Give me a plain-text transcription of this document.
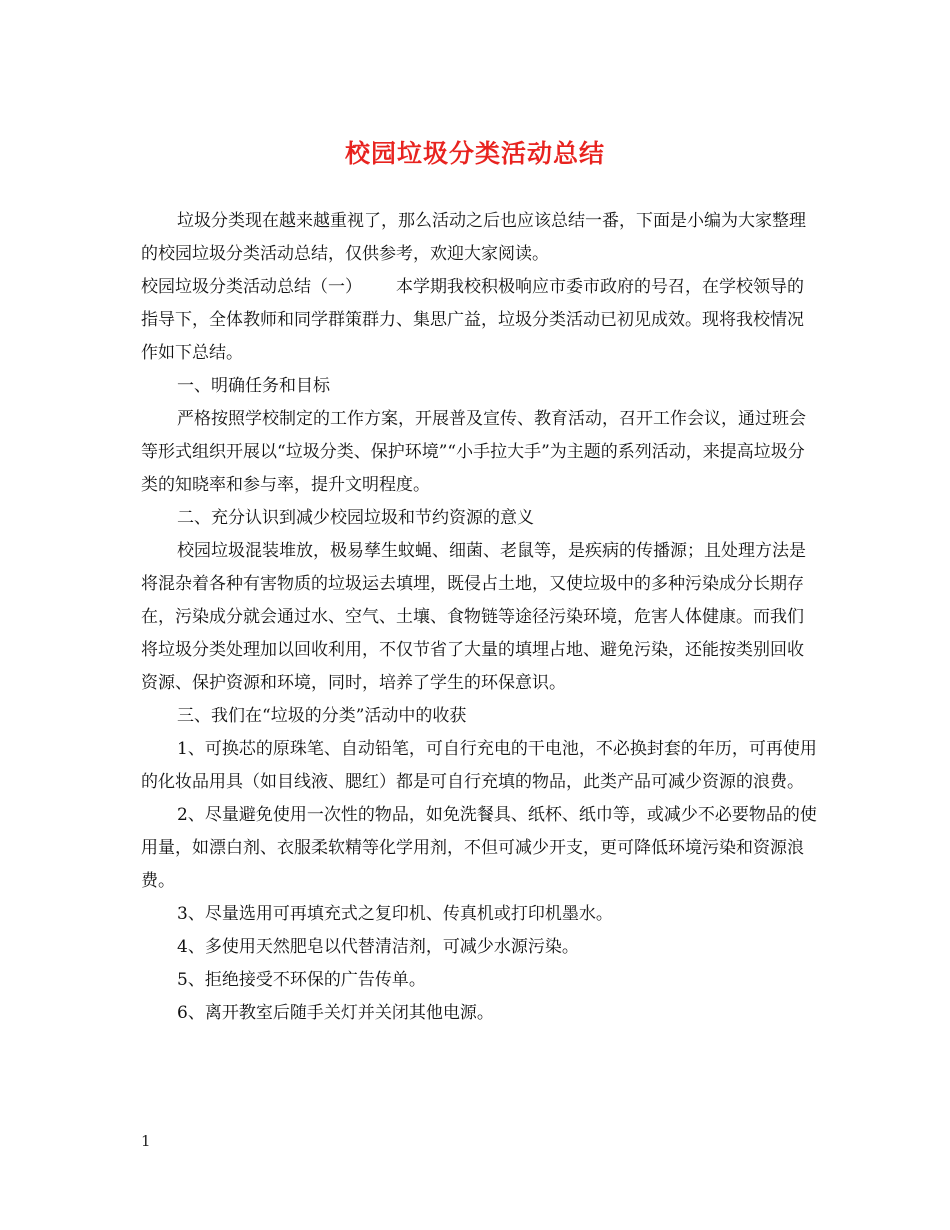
校园垃圾分类活动总结

垃圾分类现在越来越重视了，那么活动之后也应该总结一番，下面是小编为大家整理的校园垃圾分类活动总结，仅供参考，欢迎大家阅读。

校园垃圾分类活动总结（一） 本学期我校积极响应市委市政府的号召，在学校领导的指导下，全体教师和同学群策群力、集思广益，垃圾分类活动已初见成效。现将我校情况作如下总结。

一、明确任务和目标

严格按照学校制定的工作方案，开展普及宣传、教育活动，召开工作会议，通过班会等形式组织开展以“垃圾分类、保护环境”“小手拉大手”为主题的系列活动，来提高垃圾分类的知晓率和参与率，提升文明程度。

二、充分认识到减少校园垃圾和节约资源的意义

校园垃圾混装堆放，极易孳生蚊蝇、细菌、老鼠等，是疾病的传播源；且处理方法是将混杂着各种有害物质的垃圾运去填埋，既侵占土地，又使垃圾中的多种污染成分长期存在，污染成分就会通过水、空气、土壤、食物链等途径污染环境，危害人体健康。而我们将垃圾分类处理加以回收利用，不仅节省了大量的填埋占地、避免污染，还能按类别回收资源、保护资源和环境，同时，培养了学生的环保意识。

三、我们在“垃圾的分类”活动中的收获

1、可换芯的原珠笔、自动铅笔，可自行充电的干电池，不必换封套的年历，可再使用的化妆品用具（如目线液、腮红）都是可自行充填的物品，此类产品可减少资源的浪费。

2、尽量避免使用一次性的物品，如免洗餐具、纸杯、纸巾等，或减少不必要物品的使用量，如漂白剂、衣服柔软精等化学用剂，不但可减少开支，更可降低环境污染和资源浪费。

3、尽量选用可再填充式之复印机、传真机或打印机墨水。

4、多使用天然肥皂以代替清洁剂，可减少水源污染。

5、拒绝接受不环保的广告传单。

6、离开教室后随手关灯并关闭其他电源。

1
